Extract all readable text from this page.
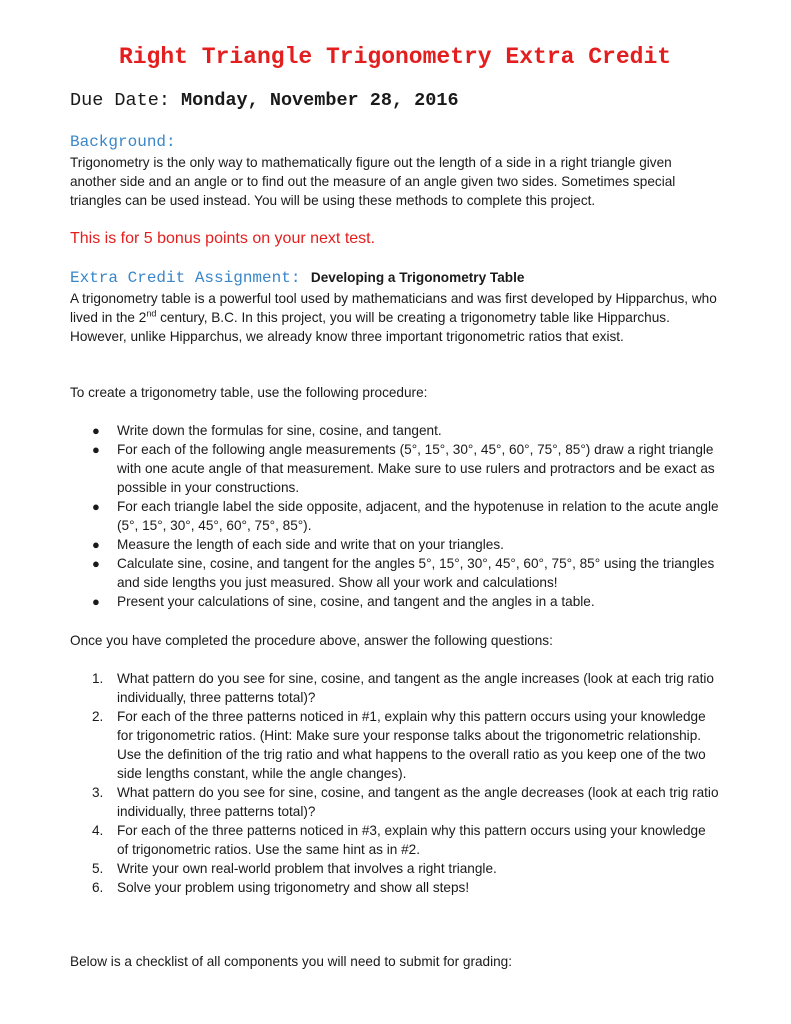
Right Triangle Trigonometry Extra Credit

Due Date: Monday, November 28, 2016

Background:

Trigonometry is the only way to mathematically figure out the length of a side in a right triangle given another side and an angle or to find out the measure of an angle given two sides. Sometimes special triangles can be used instead. You will be using these methods to complete this project.

This is for 5 bonus points on your next test.

Extra Credit Assignment: Developing a Trigonometry Table

A trigonometry table is a powerful tool used by mathematicians and was first developed by Hipparchus, who lived in the 2nd century, B.C. In this project, you will be creating a trigonometry table like Hipparchus. However, unlike Hipparchus, we already know three important trigonometric ratios that exist.

To create a trigonometry table, use the following procedure:

● Write down the formulas for sine, cosine, and tangent.
● For each of the following angle measurements (5°, 15°, 30°, 45°, 60°, 75°, 85°) draw a right triangle with one acute angle of that measurement. Make sure to use rulers and protractors and be exact as possible in your constructions.
● For each triangle label the side opposite, adjacent, and the hypotenuse in relation to the acute angle (5°, 15°, 30°, 45°, 60°, 75°, 85°).
● Measure the length of each side and write that on your triangles.
● Calculate sine, cosine, and tangent for the angles 5°, 15°, 30°, 45°, 60°, 75°, 85° using the triangles and side lengths you just measured. Show all your work and calculations!
● Present your calculations of sine, cosine, and tangent and the angles in a table.

Once you have completed the procedure above, answer the following questions:

1. What pattern do you see for sine, cosine, and tangent as the angle increases (look at each trig ratio individually, three patterns total)?
2. For each of the three patterns noticed in #1, explain why this pattern occurs using your knowledge for trigonometric ratios. (Hint: Make sure your response talks about the trigonometric relationship. Use the definition of the trig ratio and what happens to the overall ratio as you keep one of the two side lengths constant, while the angle changes).
3. What pattern do you see for sine, cosine, and tangent as the angle decreases (look at each trig ratio individually, three patterns total)?
4. For each of the three patterns noticed in #3, explain why this pattern occurs using your knowledge of trigonometric ratios. Use the same hint as in #2.
5. Write your own real-world problem that involves a right triangle.
6. Solve your problem using trigonometry and show all steps!

Below is a checklist of all components you will need to submit for grading:
